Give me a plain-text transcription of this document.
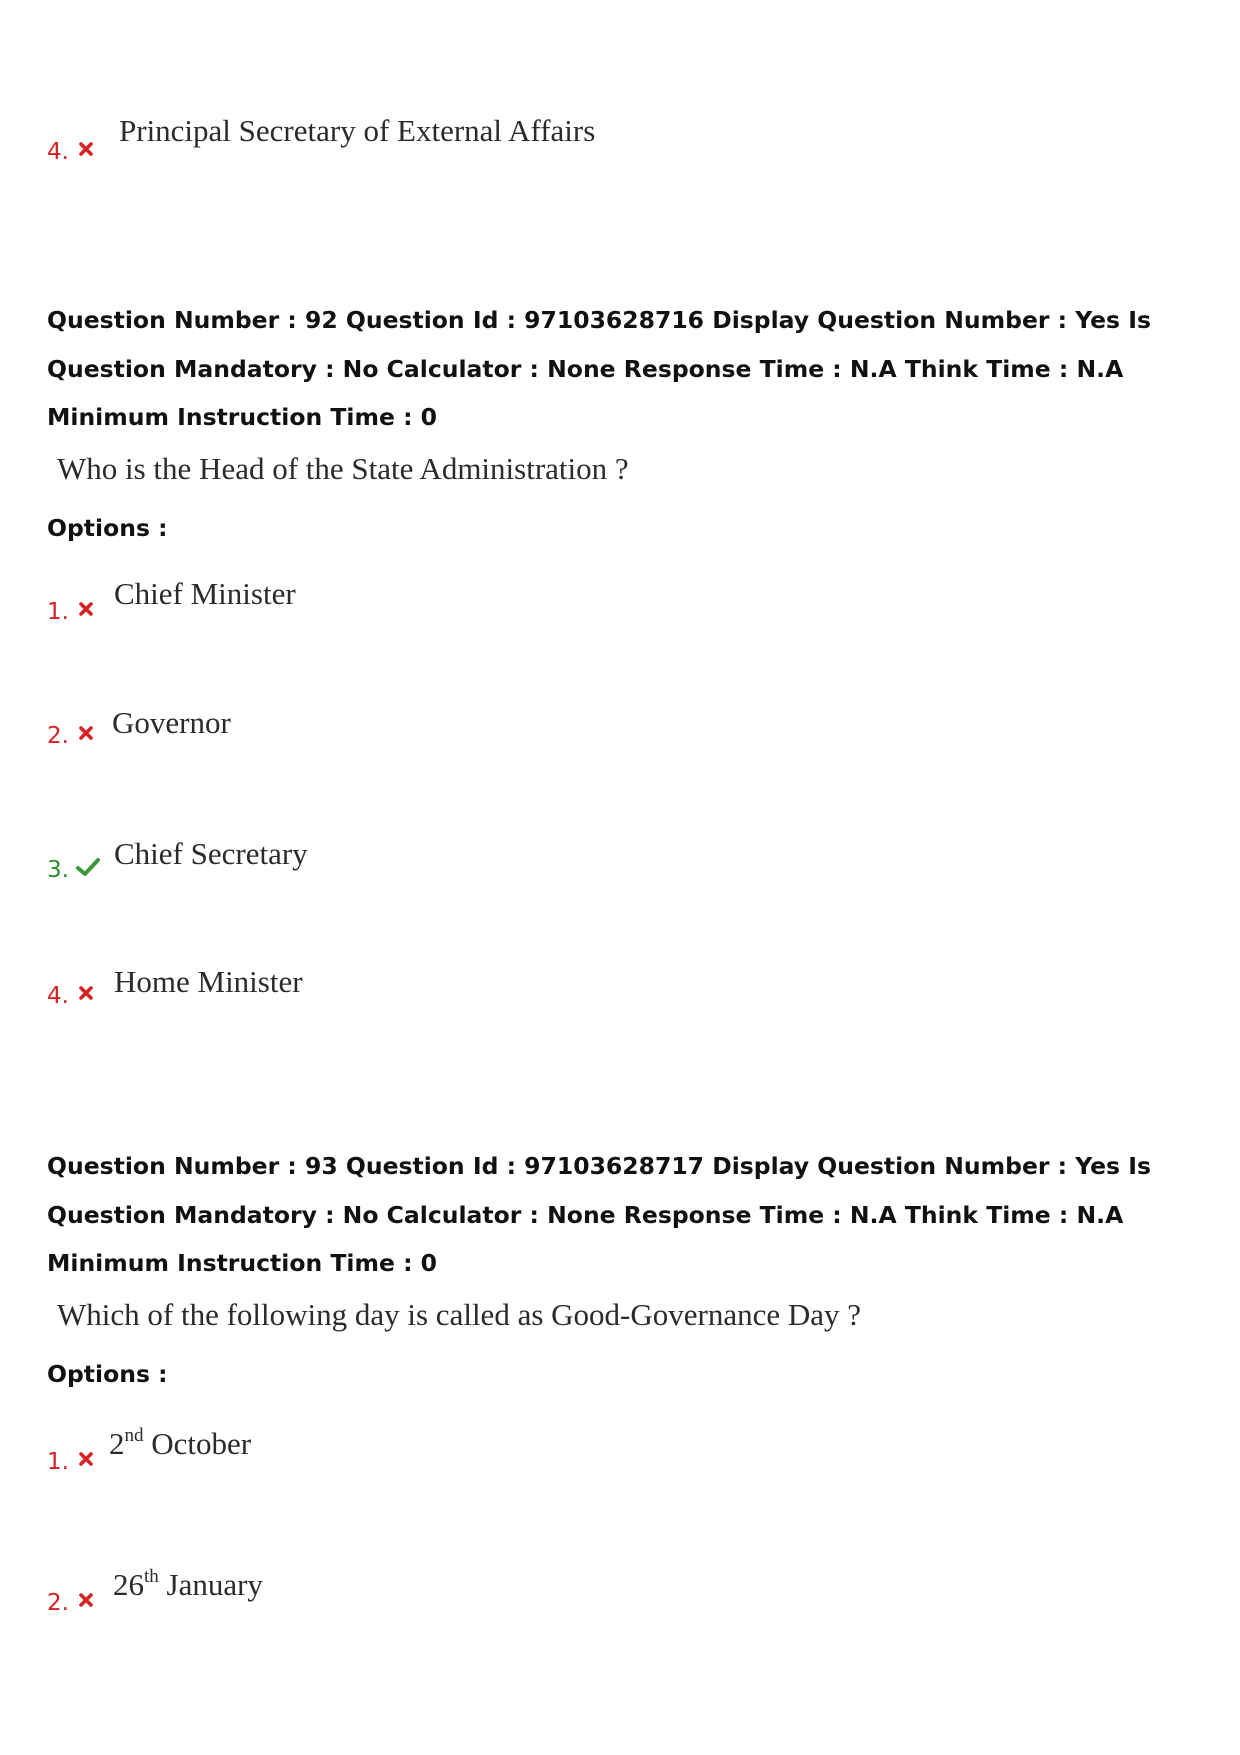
4.
Principal Secretary of External Affairs
Question Number : 92 Question Id : 97103628716 Display Question Number : Yes Is Question Mandatory : No Calculator : None Response Time : N.A Think Time : N.A Minimum Instruction Time : 0
Who is the Head of the State Administration ?
Options :
1.
Chief Minister
2. Governor
3. Chief Secretary
4. Home Minister
Question Number : 93 Question Id : 97103628717 Display Question Number : Yes Is Question Mandatory : No Calculator : None Response Time : N.A Think Time : N.A Minimum Instruction Time : 0
Which of the following day is called as Good-Governance Day ?
Options :
1.
2nd October
2.
26th January
